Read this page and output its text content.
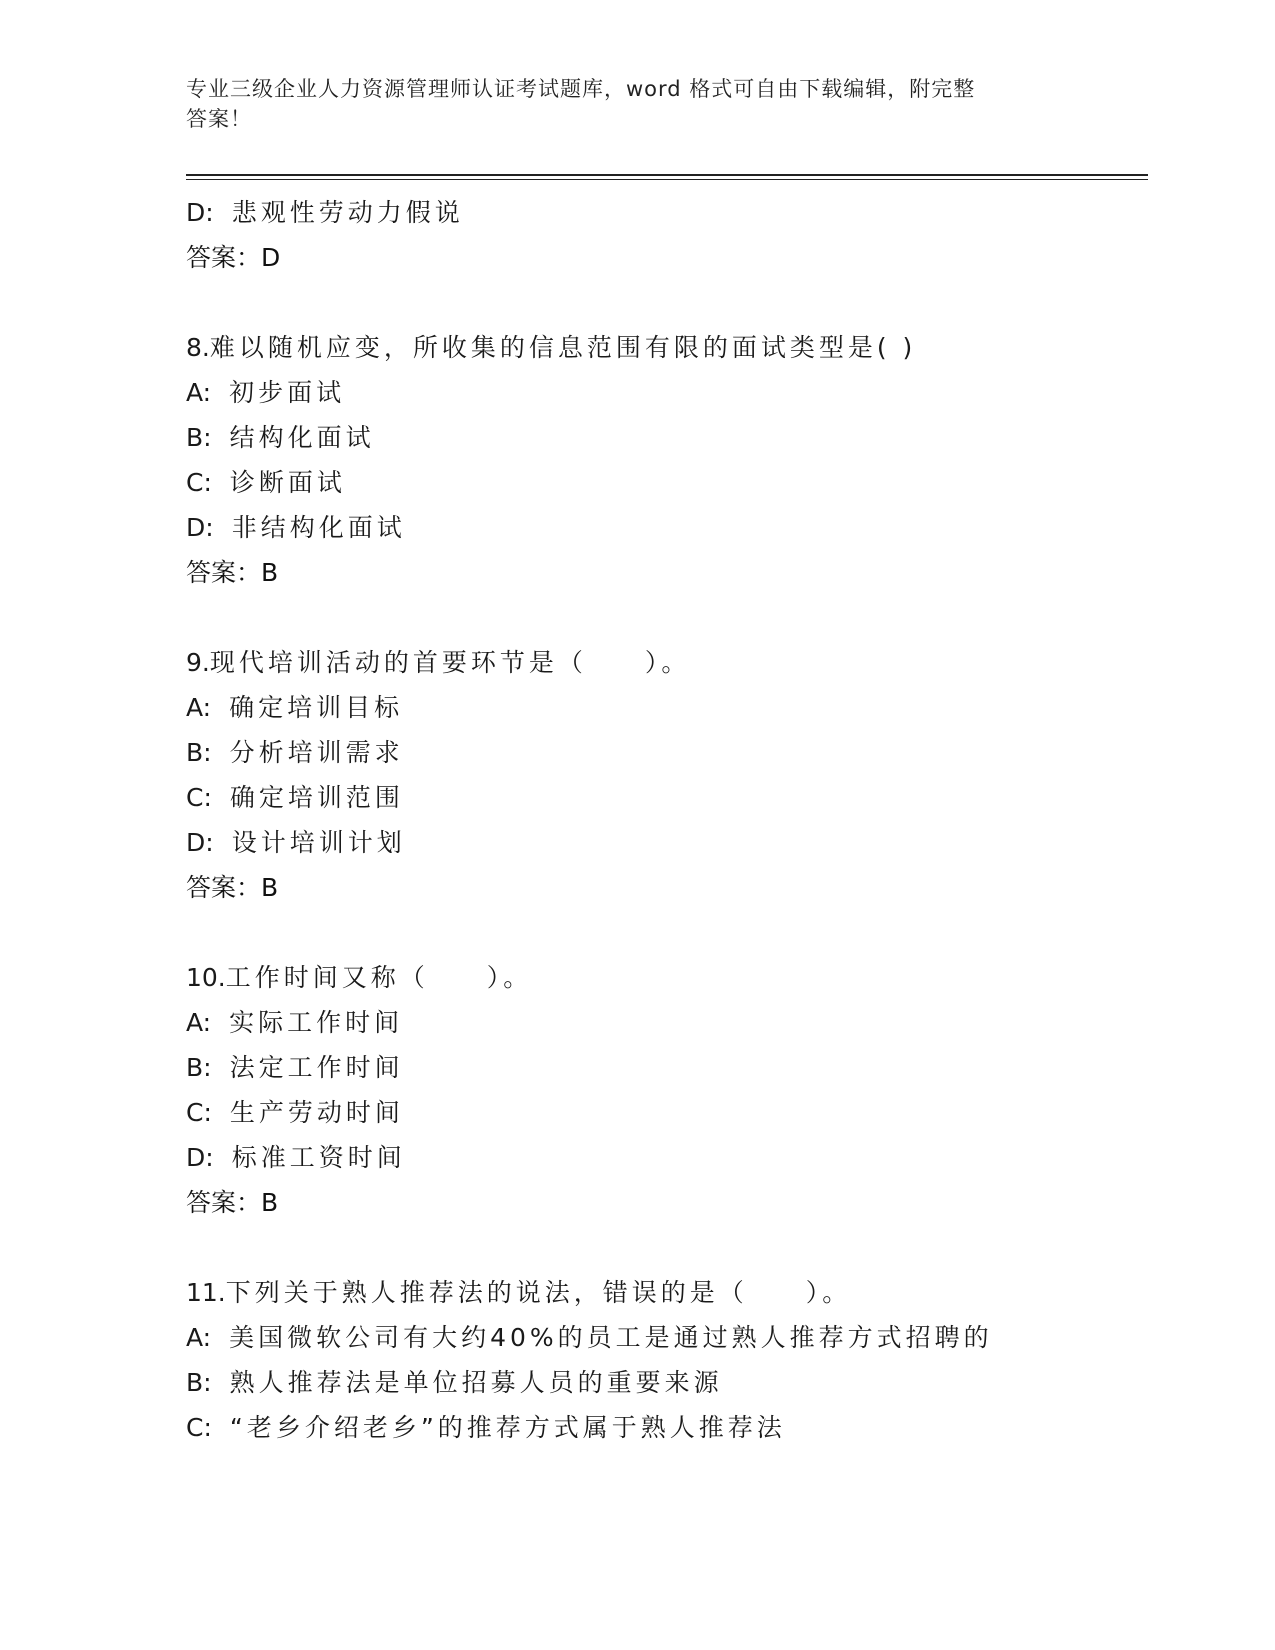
专业三级企业人力资源管理师认证考试题库，word 格式可自由下载编辑，附完整
答案！
D: 悲观性劳动力假说
答案：D
8.难以随机应变，所收集的信息范围有限的面试类型是( )
A: 初步面试
B: 结构化面试
C: 诊断面试
D: 非结构化面试
答案：B
9.现代培训活动的首要环节是（　　）。
A: 确定培训目标
B: 分析培训需求
C: 确定培训范围
D: 设计培训计划
答案：B
10.工作时间又称（　　）。
A: 实际工作时间
B: 法定工作时间
C: 生产劳动时间
D: 标准工资时间
答案：B
11.下列关于熟人推荐法的说法，错误的是（　　）。
A: 美国微软公司有大约40%的员工是通过熟人推荐方式招聘的
B: 熟人推荐法是单位招募人员的重要来源
C: “老乡介绍老乡”的推荐方式属于熟人推荐法
